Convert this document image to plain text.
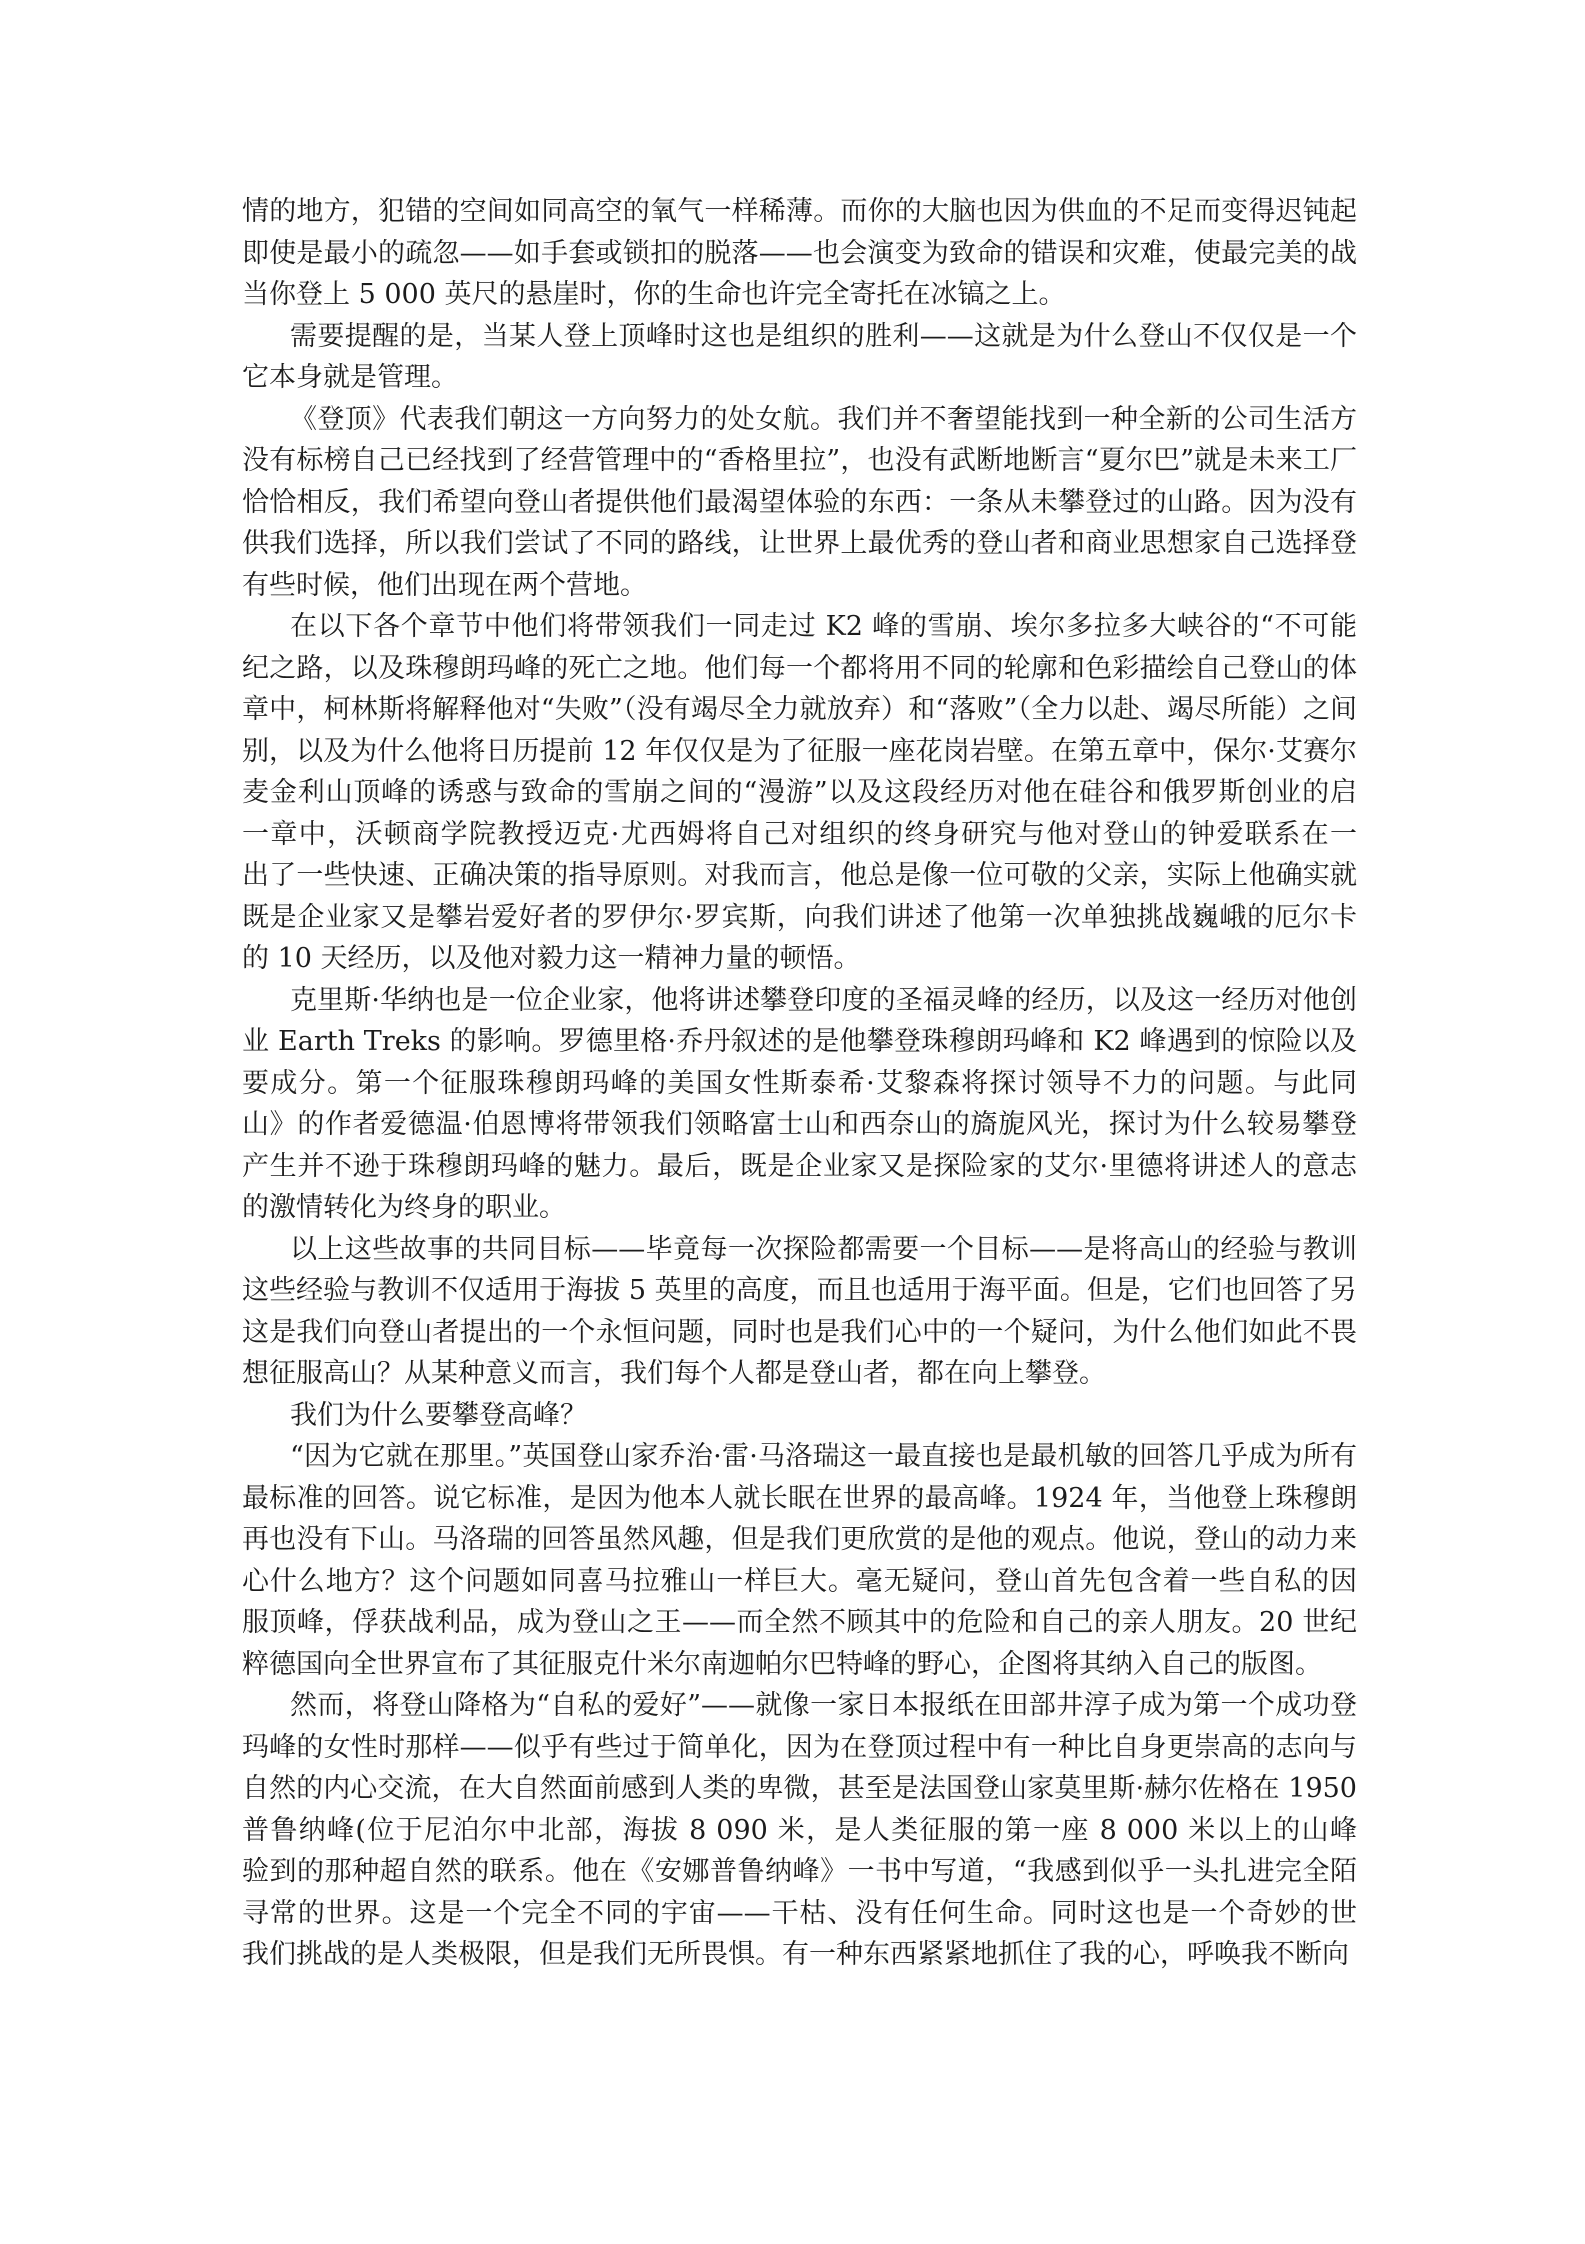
情的地方，犯错的空间如同高空的氧气一样稀薄。而你的大脑也因为供血的不足而变得迟钝起
即使是最小的疏忽——如手套或锁扣的脱落——也会演变为致命的错误和灾难，使最完美的战
当你登上 5 000 英尺的悬崖时，你的生命也许完全寄托在冰镐之上。
需要提醒的是，当某人登上顶峰时这也是组织的胜利——这就是为什么登山不仅仅是一个
它本身就是管理。
《登顶》代表我们朝这一方向努力的处女航。我们并不奢望能找到一种全新的公司生活方
没有标榜自己已经找到了经营管理中的“香格里拉”，也没有武断地断言“夏尔巴”就是未来工厂
恰恰相反，我们希望向登山者提供他们最渴望体验的东西：一条从未攀登过的山路。因为没有
供我们选择，所以我们尝试了不同的路线，让世界上最优秀的登山者和商业思想家自己选择登
有些时候，他们出现在两个营地。
在以下各个章节中他们将带领我们一同走过 K2 峰的雪崩、埃尔多拉多大峡谷的“不可能
纪之路，以及珠穆朗玛峰的死亡之地。他们每一个都将用不同的轮廓和色彩描绘自己登山的体
章中，柯林斯将解释他对“失败”（没有竭尽全力就放弃）和“落败”（全力以赴、竭尽所能）之间
别，以及为什么他将日历提前 12 年仅仅是为了征服一座花岗岩壁。在第五章中，保尔·艾赛尔
麦金利山顶峰的诱惑与致命的雪崩之间的“漫游”以及这段经历对他在硅谷和俄罗斯创业的启
一章中，沃顿商学院教授迈克·尤西姆将自己对组织的终身研究与他对登山的钟爱联系在一
出了一些快速、正确决策的指导原则。对我而言，他总是像一位可敬的父亲，实际上他确实就
既是企业家又是攀岩爱好者的罗伊尔·罗宾斯，向我们讲述了他第一次单独挑战巍峨的厄尔卡
的 10 天经历，以及他对毅力这一精神力量的顿悟。
克里斯·华纳也是一位企业家，他将讲述攀登印度的圣福灵峰的经历，以及这一经历对他创
业 Earth Treks 的影响。罗德里格·乔丹叙述的是他攀登珠穆朗玛峰和 K2 峰遇到的惊险以及
要成分。第一个征服珠穆朗玛峰的美国女性斯泰希·艾黎森将探讨领导不力的问题。与此同
山》的作者爱德温·伯恩博将带领我们领略富士山和西奈山的旖旎风光，探讨为什么较易攀登
产生并不逊于珠穆朗玛峰的魅力。最后，既是企业家又是探险家的艾尔·里德将讲述人的意志
的激情转化为终身的职业。
以上这些故事的共同目标——毕竟每一次探险都需要一个目标——是将高山的经验与教训
这些经验与教训不仅适用于海拔 5 英里的高度，而且也适用于海平面。但是，它们也回答了另
这是我们向登山者提出的一个永恒问题，同时也是我们心中的一个疑问，为什么他们如此不畏
想征服高山？从某种意义而言，我们每个人都是登山者，都在向上攀登。
我们为什么要攀登高峰？
“因为它就在那里。”英国登山家乔治·雷·马洛瑞这一最直接也是最机敏的回答几乎成为所有
最标准的回答。说它标准，是因为他本人就长眠在世界的最高峰。1924 年，当他登上珠穆朗
再也没有下山。马洛瑞的回答虽然风趣，但是我们更欣赏的是他的观点。他说，登山的动力来
心什么地方？这个问题如同喜马拉雅山一样巨大。毫无疑问，登山首先包含着一些自私的因
服顶峰，俘获战利品，成为登山之王——而全然不顾其中的危险和自己的亲人朋友。20 世纪
粹德国向全世界宣布了其征服克什米尔南迦帕尔巴特峰的野心，企图将其纳入自己的版图。
然而，将登山降格为“自私的爱好”——就像一家日本报纸在田部井淳子成为第一个成功登
玛峰的女性时那样——似乎有些过于简单化，因为在登顶过程中有一种比自身更崇高的志向与
自然的内心交流，在大自然面前感到人类的卑微，甚至是法国登山家莫里斯·赫尔佐格在 1950
普鲁纳峰(位于尼泊尔中北部，海拔 8 090 米，是人类征服的第一座 8 000 米以上的山峰
验到的那种超自然的联系。他在《安娜普鲁纳峰》一书中写道，“我感到似乎一头扎进完全陌
寻常的世界。这是一个完全不同的宇宙——干枯、没有任何生命。同时这也是一个奇妙的世
我们挑战的是人类极限，但是我们无所畏惧。有一种东西紧紧地抓住了我的心，呼唤我不断向
